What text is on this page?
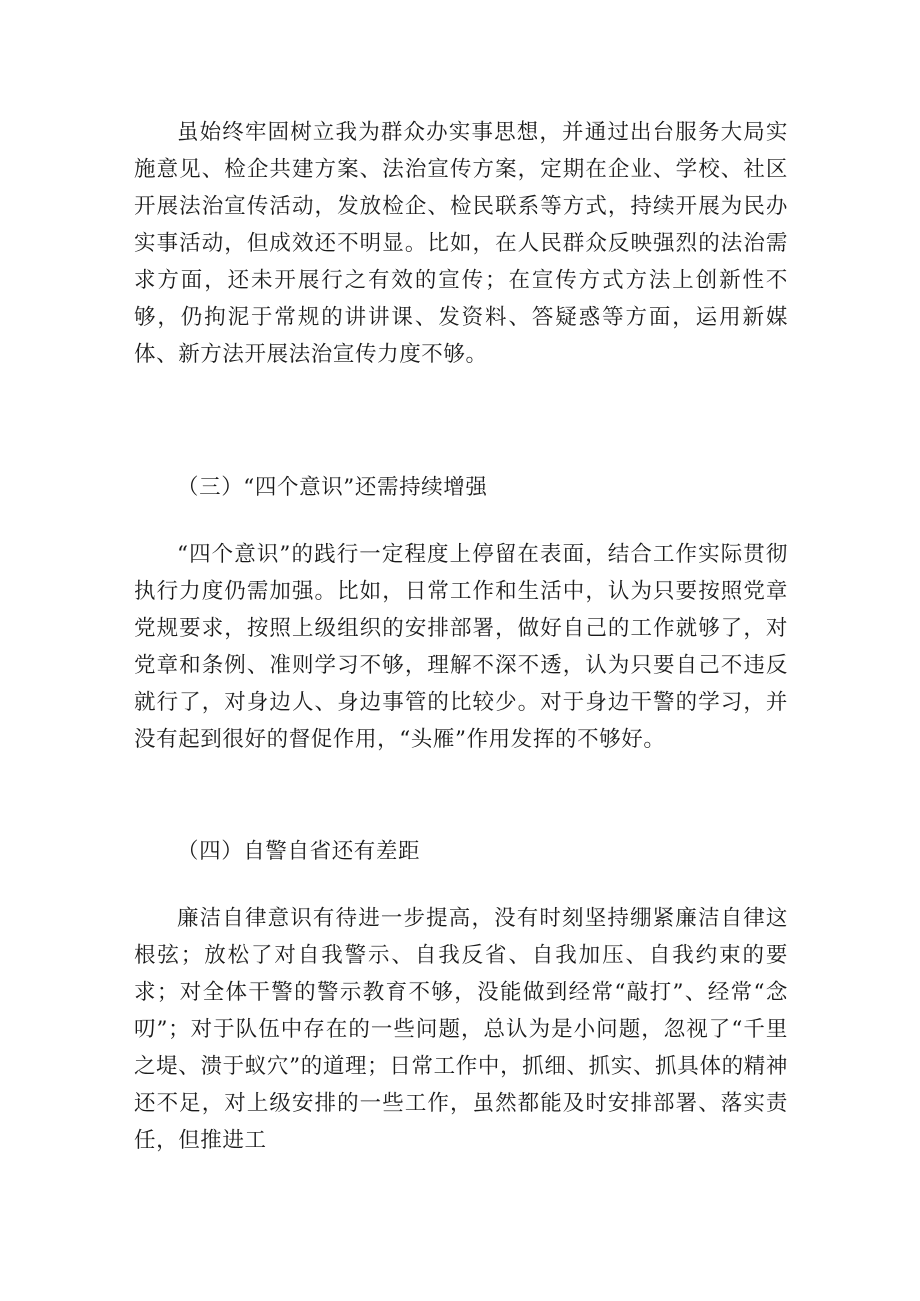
虽始终牢固树立我为群众办实事思想，并通过出台服务大局实施意见、检企共建方案、法治宣传方案，定期在企业、学校、社区开展法治宣传活动，发放检企、检民联系等方式，持续开展为民办实事活动，但成效还不明显。比如，在人民群众反映强烈的法治需求方面，还未开展行之有效的宣传；在宣传方式方法上创新性不够，仍拘泥于常规的讲讲课、发资料、答疑惑等方面，运用新媒体、新方法开展法治宣传力度不够。

（三）“四个意识”还需持续增强

“四个意识”的践行一定程度上停留在表面，结合工作实际贯彻执行力度仍需加强。比如，日常工作和生活中，认为只要按照党章党规要求，按照上级组织的安排部署，做好自己的工作就够了，对党章和条例、准则学习不够，理解不深不透，认为只要自己不违反就行了，对身边人、身边事管的比较少。对于身边干警的学习，并没有起到很好的督促作用，“头雁”作用发挥的不够好。

（四）自警自省还有差距

廉洁自律意识有待进一步提高，没有时刻坚持绷紧廉洁自律这根弦；放松了对自我警示、自我反省、自我加压、自我约束的要求；对全体干警的警示教育不够，没能做到经常“敲打”、经常“念叨”；对于队伍中存在的一些问题，总认为是小问题，忽视了“千里之堤、溃于蚁穴”的道理；日常工作中，抓细、抓实、抓具体的精神还不足，对上级安排的一些工作，虽然都能及时安排部署、落实责任，但推进工
